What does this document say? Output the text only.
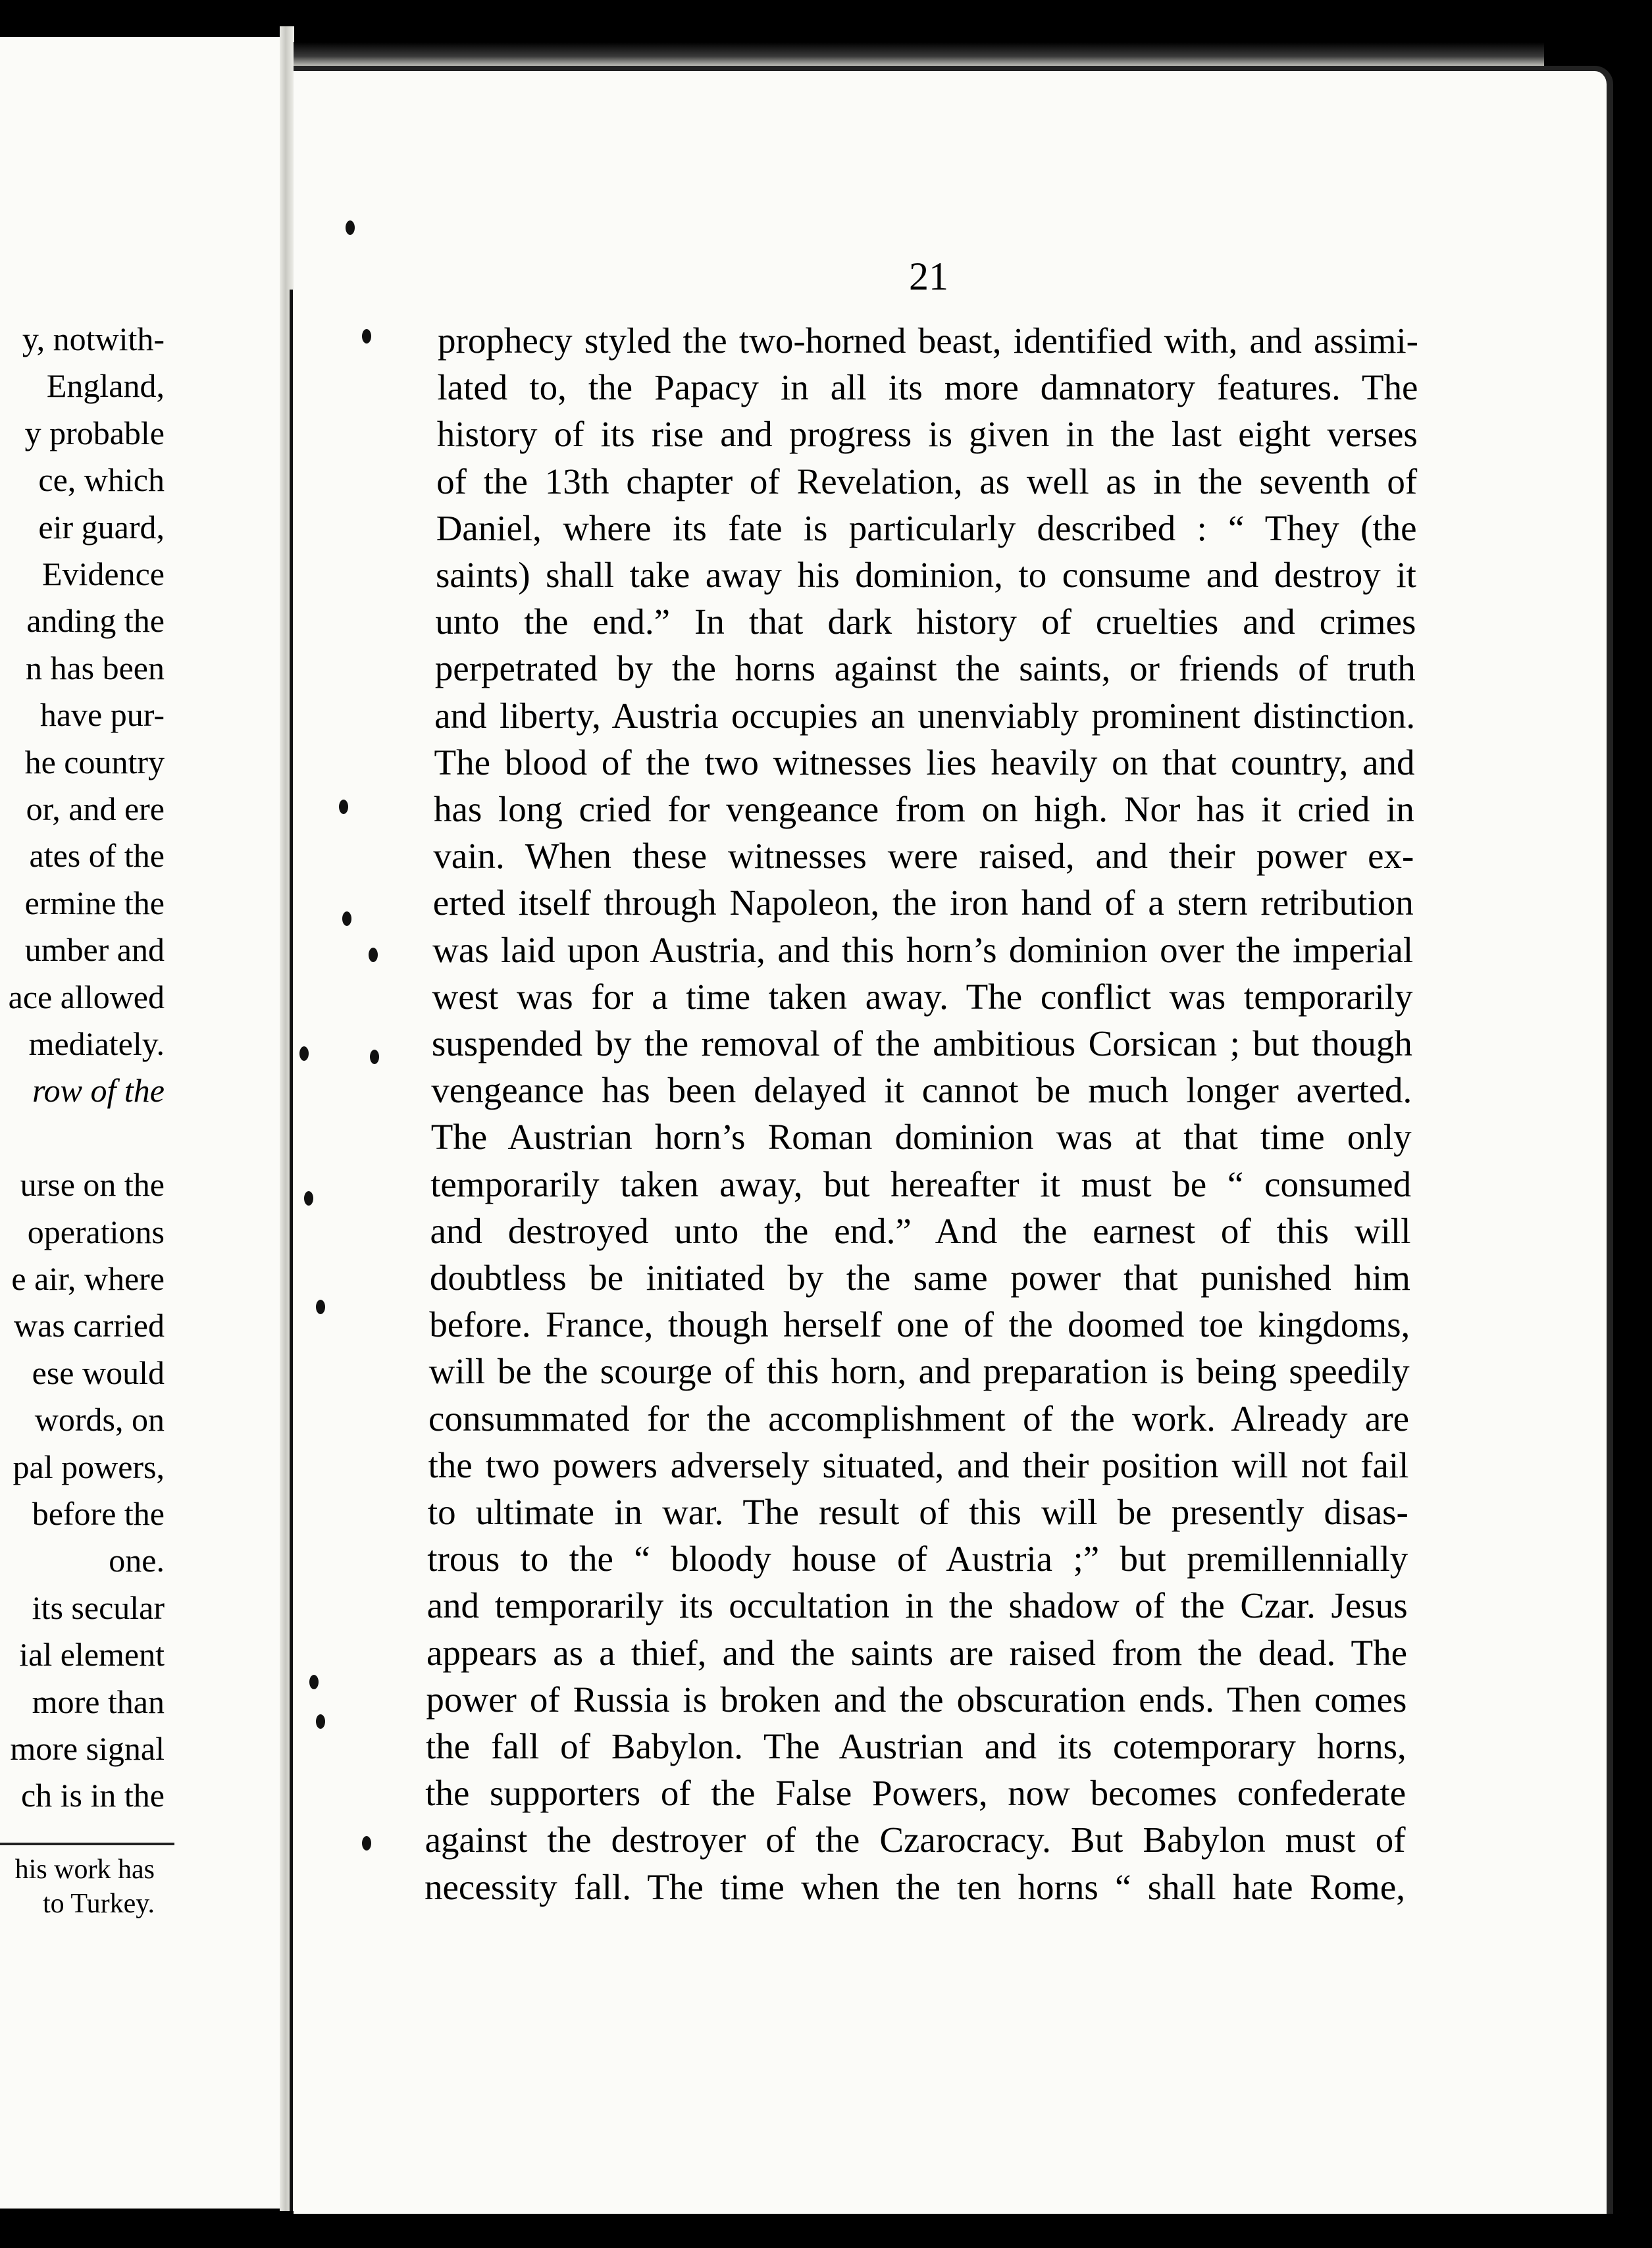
21
y, notwith-
England,
y probable
ce, which
eir guard,
Evidence
anding the
n has been
have pur-
he country
or, and ere
ates of the
ermine the
umber and
ace allowed
mediately.
row of the
urse on the
operations
e air, where
was carried
ese would
words, on
pal powers,
before the
one.
its secular
ial element
more than
more signal
ch is in the
his work has
to Turkey.
prophecy styled the two-horned beast, identified with, and assimi-
lated to, the Papacy in all its more damnatory features. The
history of its rise and progress is given in the last eight verses
of the 13th chapter of Revelation, as well as in the seventh of
Daniel, where its fate is particularly described : “ They (the
saints) shall take away his dominion, to consume and destroy it
unto the end.” In that dark history of cruelties and crimes
perpetrated by the horns against the saints, or friends of truth
and liberty, Austria occupies an unenviably prominent distinction.
The blood of the two witnesses lies heavily on that country, and
has long cried for vengeance from on high. Nor has it cried in
vain. When these witnesses were raised, and their power ex-
erted itself through Napoleon, the iron hand of a stern retribution
was laid upon Austria, and this horn’s dominion over the imperial
west was for a time taken away. The conflict was temporarily
suspended by the removal of the ambitious Corsican ; but though
vengeance has been delayed it cannot be much longer averted.
The Austrian horn’s Roman dominion was at that time only
temporarily taken away, but hereafter it must be “ consumed
and destroyed unto the end.” And the earnest of this will
doubtless be initiated by the same power that punished him
before. France, though herself one of the doomed toe kingdoms,
will be the scourge of this horn, and preparation is being speedily
consummated for the accomplishment of the work. Already are
the two powers adversely situated, and their position will not fail
to ultimate in war. The result of this will be presently disas-
trous to the “ bloody house of Austria ;” but premillennially
and temporarily its occultation in the shadow of the Czar. Jesus
appears as a thief, and the saints are raised from the dead. The
power of Russia is broken and the obscuration ends. Then comes
the fall of Babylon. The Austrian and its cotemporary horns,
the supporters of the False Powers, now becomes confederate
against the destroyer of the Czarocracy. But Babylon must of
necessity fall. The time when the ten horns “ shall hate Rome,
